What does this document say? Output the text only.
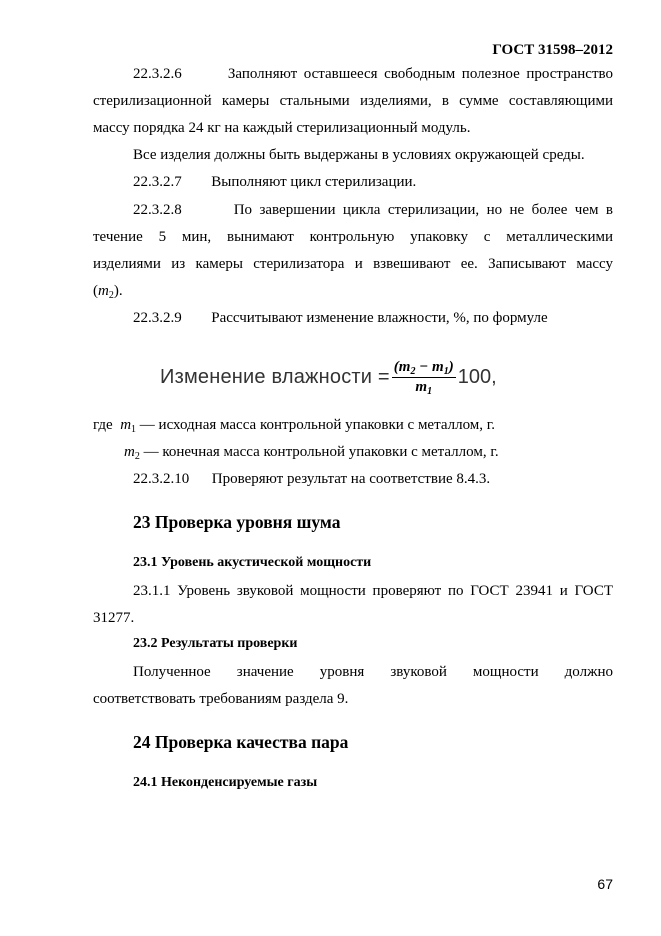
ГОСТ 31598–2012
22.3.2.6	Заполняют оставшееся свободным полезное пространство
стерилизационной камеры стальными изделиями, в сумме составляющими
массу порядка 24 кг на каждый стерилизационный модуль.
Все изделия должны быть выдержаны в условиях окружающей среды.
22.3.2.7 Выполняют цикл стерилизации.
22.3.2.8	По завершении цикла стерилизации, но не более чем в
течение 5 мин, вынимают контрольную упаковку с металлическими
изделиями из камеры стерилизатора и взвешивают ее. Записывают массу
$(m_2)$.
22.3.2.9 Рассчитывают изменение влажности, %, по формуле
Изменение влажности = $\frac{(m_2 - m_1)}{m_1} 100$,
где $m_1$ — исходная масса контрольной упаковки с металлом, г.
$m_2$ — конечная масса контрольной упаковки с металлом, г.
22.3.2.10 Проверяют результат на соответствие 8.4.3.
23 Проверка уровня шума
23.1 Уровень акустической мощности
23.1.1 Уровень звуковой мощности проверяют по ГОСТ 23941 и ГОСТ
31277.
23.2 Результаты проверки
Полученное значение уровня звуковой мощности должно
соответствовать требованиям раздела 9.
24 Проверка качества пара
24.1 Неконденсируемые газы
67
